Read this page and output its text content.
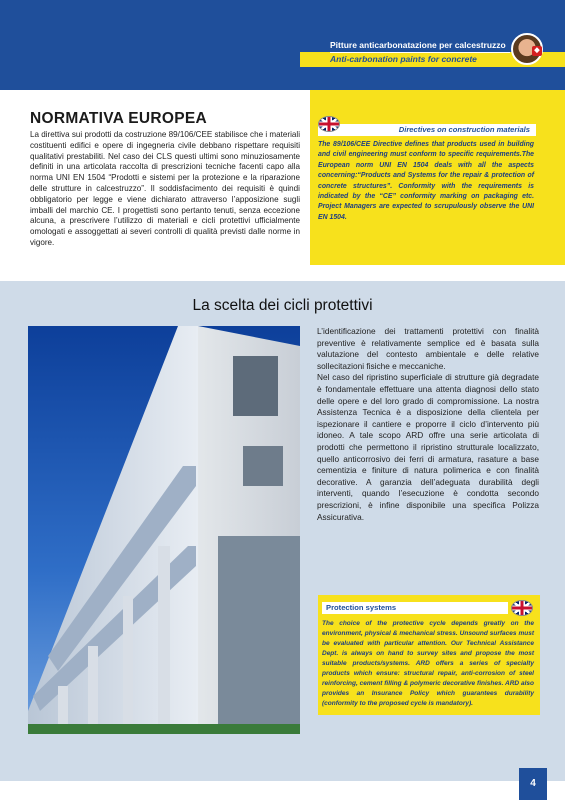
Pitture anticarbonatazione per calcestruzzo
Anti-carbonation paints for concrete
◆
NORMATIVA EUROPEA
La direttiva sui prodotti da costruzione 89/106/CEE stabilisce che i materiali costituenti edifici e opere di ingegneria civile debbano rispettare requisiti qualitativi prestabiliti. Nel caso dei CLS questi ultimi sono minuziosamente definiti in una articolata raccolta di prescrizioni tecniche facenti capo alla norma UNI EN 1504 “Prodotti e sistemi per la protezione e la riparazione delle strutture in calcestruzzo”. Il soddisfacimento dei requisiti è quindi obbligatorio per legge e viene dichiarato attraverso l’apposizione sugli imballi del marchio CE. I progettisti sono pertanto tenuti, senza eccezione alcuna, a prescrivere l’utilizzo di materiali e cicli protettivi ufficialmente omologati e assoggettati ai severi controlli di qualità previsti dalle norme in vigore.
Directives on construction materials
The 89/106/CEE Directive defines that products used in building and civil engineering must conform to specific requirements.The European norm UNI EN 1504 deals with all the aspects concerning:“Products and Systems for the repair & protection of concrete structures”. Conformity with the requirements is indicated by the “CE” conformity marking on packaging etc. Project Managers are expected to scrupulously observe the UNI EN 1504.
La scelta dei cicli protettivi
L’identificazione dei trattamenti protettivi con finalità preventive è relativamente semplice ed è basata sulla valutazione del contesto ambientale e delle relative sollecitazioni fisiche e meccaniche.
Nel caso del ripristino superficiale di strutture già degradate è fondamentale effettuare una attenta diagnosi dello stato delle opere e del loro grado di compromissione. La nostra Assistenza Tecnica è a disposizione della clientela per ispezionare il cantiere e proporre il ciclo d’intervento più idoneo. A tale scopo ARD offre una serie articolata di prodotti che permettono il ripristino strutturale localizzato, quello anticorrosivo dei ferri di armatura, rasature a base cementizia e finiture di natura polimerica e con finalità decorative. A garanzia dell’adeguata durabilità degli interventi, quando l’esecuzione è condotta secondo prescrizioni, è infine disponibile una specifica Polizza Assicurativa.
Protection systems
The choice of the protective cycle depends greatly on the environment, physical & mechanical stress. Unsound surfaces must be evaluated with particular attention. Our Technical Assistance Dept. is always on hand to survey sites and propose the most suitable products/systems. ARD offers a series of specialty products which ensure: structural repair, anti-corrosion of steel reinforcing, cement filling & polymeric decorative finishes. ARD also provides an Insurance Policy which guarantees durability (conformity to the proposed cycle is mandatory).
4
